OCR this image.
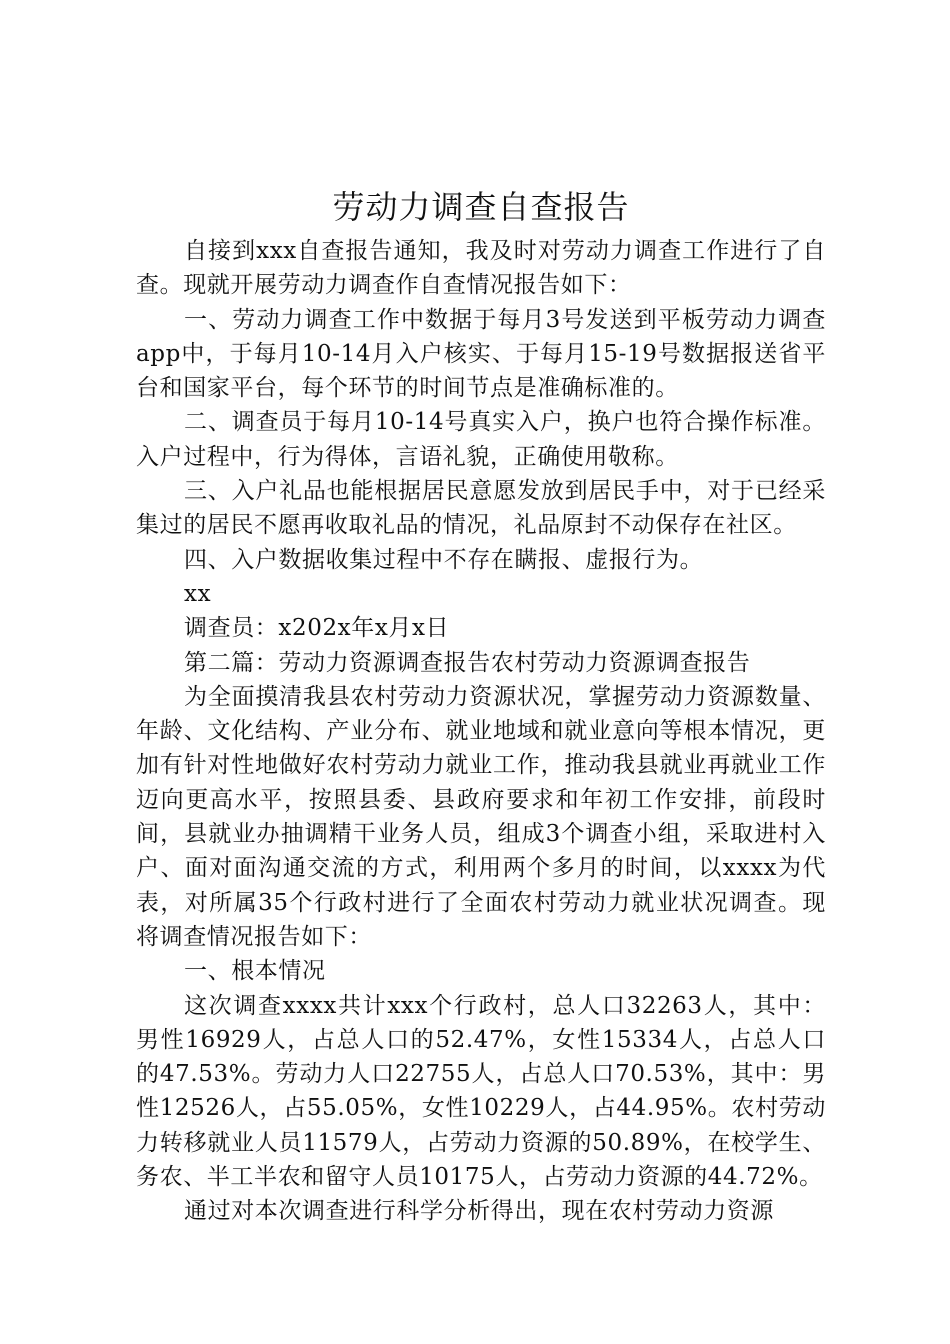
劳动力调查自查报告

自接到xxx自查报告通知，我及时对劳动力调查工作进行了自查。现就开展劳动力调查作自查情况报告如下：

一、劳动力调查工作中数据于每月3号发送到平板劳动力调查app中，于每月10-14月入户核实、于每月15-19号数据报送省平台和国家平台，每个环节的时间节点是准确标准的。

二、调查员于每月10-14号真实入户，换户也符合操作标准。入户过程中，行为得体，言语礼貌，正确使用敬称。

三、入户礼品也能根据居民意愿发放到居民手中，对于已经采集过的居民不愿再收取礼品的情况，礼品原封不动保存在社区。

四、入户数据收集过程中不存在瞒报、虚报行为。

xx

调查员：x202x年x月x日

第二篇：劳动力资源调查报告农村劳动力资源调查报告

为全面摸清我县农村劳动力资源状况，掌握劳动力资源数量、年龄、文化结构、产业分布、就业地域和就业意向等根本情况，更加有针对性地做好农村劳动力就业工作，推动我县就业再就业工作迈向更高水平，按照县委、县政府要求和年初工作安排，前段时间，县就业办抽调精干业务人员，组成3个调查小组，采取进村入户、面对面沟通交流的方式，利用两个多月的时间，以xxxx为代表，对所属35个行政村进行了全面农村劳动力就业状况调查。现将调查情况报告如下：

一、根本情况

这次调查xxxx共计xxx个行政村，总人口32263人，其中：男性16929人，占总人口的52.47%，女性15334人，占总人口的47.53%。劳动力人口22755人，占总人口70.53%，其中：男性12526人，占55.05%，女性10229人，占44.95%。农村劳动力转移就业人员11579人，占劳动力资源的50.89%，在校学生、务农、半工半农和留守人员10175人，占劳动力资源的44.72%。

通过对本次调查进行科学分析得出，现在农村劳动力资源
